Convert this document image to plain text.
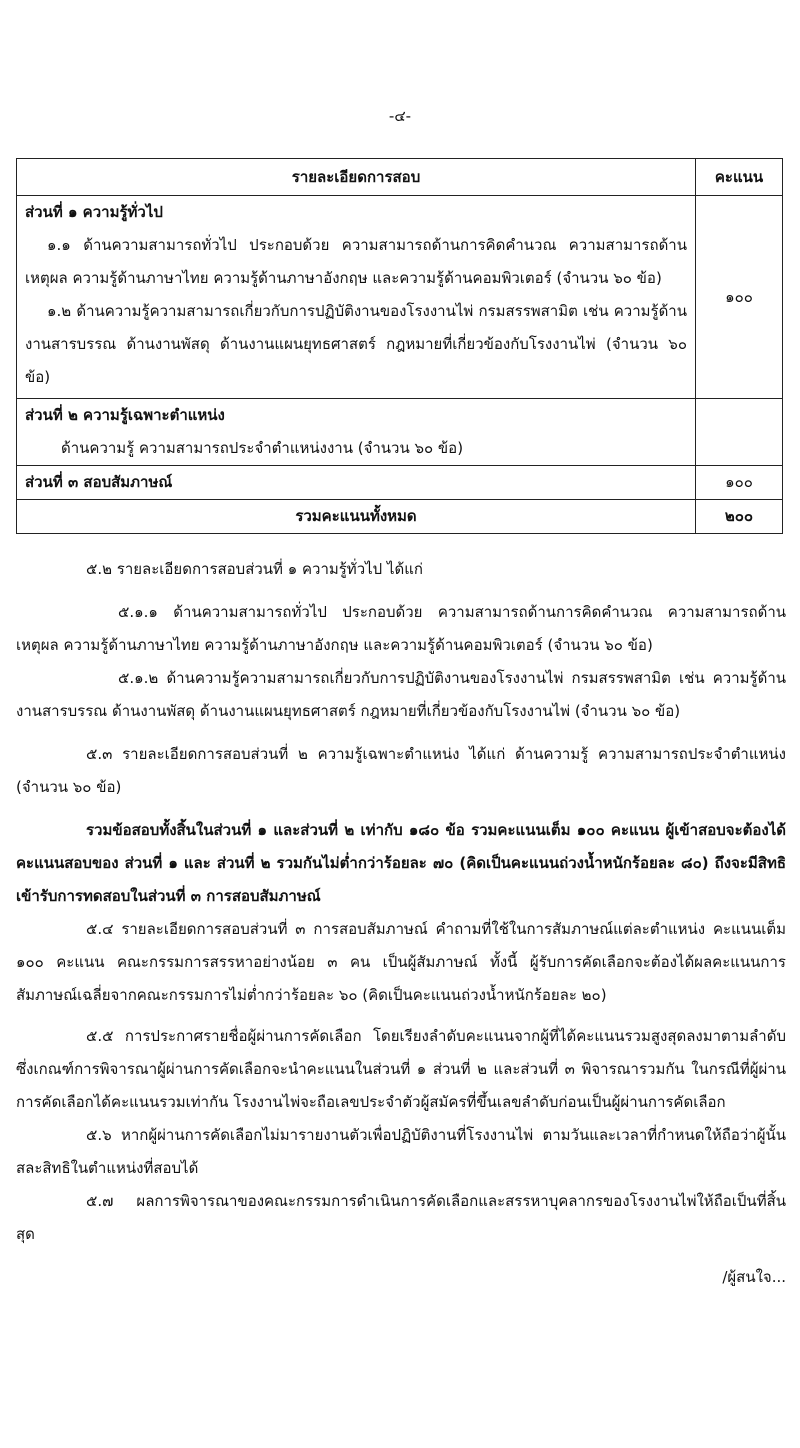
-๔-
รายละเอียดการสอบ	คะแนน

ส่วนที่ ๑ ความรู้ทั่วไป
๑.๑ ด้านความสามารถทั่วไป ประกอบด้วย ความสามารถด้านการคิดคำนวณ ความสามารถด้านเหตุผล ความรู้ด้านภาษาไทย ความรู้ด้านภาษาอังกฤษ และความรู้ด้านคอมพิวเตอร์ (จำนวน ๖๐ ข้อ)
๑.๒ ด้านความรู้ความสามารถเกี่ยวกับการปฏิบัติงานของโรงงานไพ่ กรมสรรพสามิต เช่น ความรู้ด้านงานสารบรรณ ด้านงานพัสดุ ด้านงานแผนยุทธศาสตร์ กฎหมายที่เกี่ยวข้องกับโรงงานไพ่ (จำนวน ๖๐ ข้อ)	๑๐๐

ส่วนที่ ๒ ความรู้เฉพาะตำแหน่ง
ด้านความรู้ ความสามารถประจำตำแหน่งงาน (จำนวน ๖๐ ข้อ)	

ส่วนที่ ๓ สอบสัมภาษณ์	๑๐๐
รวมคะแนนทั้งหมด	๒๐๐

๕.๒ รายละเอียดการสอบส่วนที่ ๑ ความรู้ทั่วไป ได้แก่

๕.๑.๑ ด้านความสามารถทั่วไป ประกอบด้วย ความสามารถด้านการคิดคำนวณ ความสามารถด้านเหตุผล ความรู้ด้านภาษาไทย ความรู้ด้านภาษาอังกฤษ และความรู้ด้านคอมพิวเตอร์ (จำนวน ๖๐ ข้อ)

๕.๑.๒ ด้านความรู้ความสามารถเกี่ยวกับการปฏิบัติงานของโรงงานไพ่ กรมสรรพสามิต เช่น ความรู้ด้านงานสารบรรณ ด้านงานพัสดุ ด้านงานแผนยุทธศาสตร์ กฎหมายที่เกี่ยวข้องกับโรงงานไพ่ (จำนวน ๖๐ ข้อ)

๕.๓ รายละเอียดการสอบส่วนที่ ๒ ความรู้เฉพาะตำแหน่ง ได้แก่ ด้านความรู้ ความสามารถประจำตำแหน่ง (จำนวน ๖๐ ข้อ)

รวมข้อสอบทั้งสิ้นในส่วนที่ ๑ และส่วนที่ ๒ เท่ากับ ๑๘๐ ข้อ รวมคะแนนเต็ม ๑๐๐ คะแนน ผู้เข้าสอบจะต้องได้คะแนนสอบของ ส่วนที่ ๑ และ ส่วนที่ ๒ รวมกันไม่ต่ำกว่าร้อยละ ๗๐ (คิดเป็นคะแนนถ่วงน้ำหนักร้อยละ ๘๐) ถึงจะมีสิทธิเข้ารับการทดสอบในส่วนที่ ๓ การสอบสัมภาษณ์

๕.๔ รายละเอียดการสอบส่วนที่ ๓ การสอบสัมภาษณ์ คำถามที่ใช้ในการสัมภาษณ์แต่ละตำแหน่ง คะแนนเต็ม ๑๐๐ คะแนน คณะกรรมการสรรหาอย่างน้อย ๓ คน เป็นผู้สัมภาษณ์ ทั้งนี้ ผู้รับการคัดเลือกจะต้องได้ผลคะแนนการสัมภาษณ์เฉลี่ยจากคณะกรรมการไม่ต่ำกว่าร้อยละ ๖๐ (คิดเป็นคะแนนถ่วงน้ำหนักร้อยละ ๒๐)

๕.๕ การประกาศรายชื่อผู้ผ่านการคัดเลือก โดยเรียงลำดับคะแนนจากผู้ที่ได้คะแนนรวมสูงสุดลงมาตามลำดับ ซึ่งเกณฑ์การพิจารณาผู้ผ่านการคัดเลือกจะนำคะแนนในส่วนที่ ๑ ส่วนที่ ๒ และส่วนที่ ๓ พิจารณารวมกัน ในกรณีที่ผู้ผ่านการคัดเลือกได้คะแนนรวมเท่ากัน โรงงานไพ่จะถือเลขประจำตัวผู้สมัครที่ขึ้นเลขลำดับก่อนเป็นผู้ผ่านการคัดเลือก

๕.๖ หากผู้ผ่านการคัดเลือกไม่มารายงานตัวเพื่อปฏิบัติงานที่โรงงานไพ่ ตามวันและเวลาที่กำหนดให้ถือว่าผู้นั้นสละสิทธิในตำแหน่งที่สอบได้

๕.๗ ผลการพิจารณาของคณะกรรมการดำเนินการคัดเลือกและสรรหาบุคลากรของโรงงานไพ่ให้ถือเป็นที่สิ้นสุด

/ผู้สนใจ...
